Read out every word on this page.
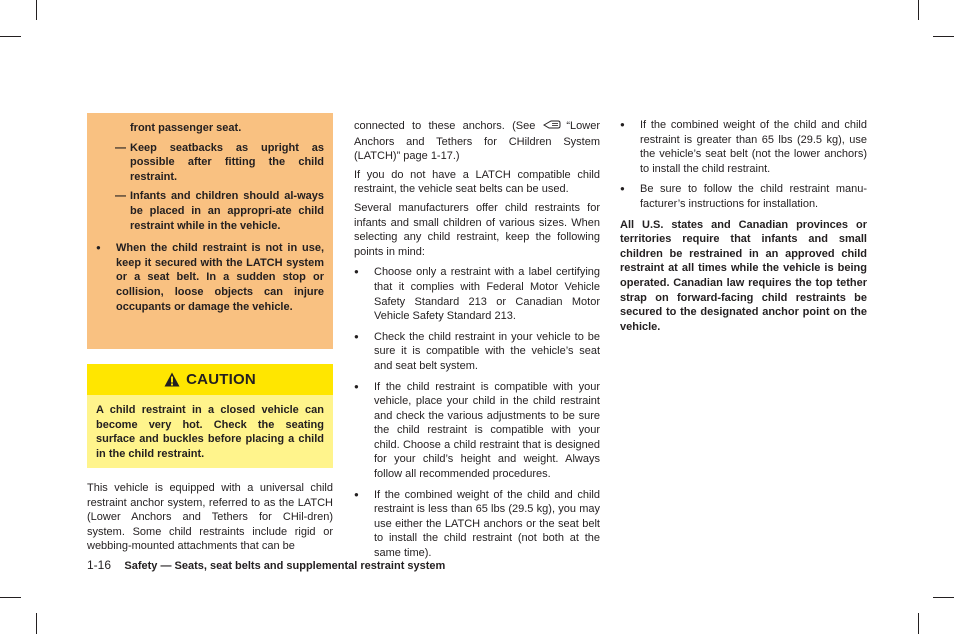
front passenger seat.
— Keep seatbacks as upright as possible after fitting the child restraint.
— Infants and children should al-ways be placed in an appropri-ate child restraint while in the vehicle.
●	When the child restraint is not in use, keep it secured with the LATCH system or a seat belt. In a sudden stop or collision, loose objects can injure occupants or damage the vehicle.
CAUTION
A child restraint in a closed vehicle can become very hot. Check the seating surface and buckles before placing a child in the child restraint.
This vehicle is equipped with a universal child restraint anchor system, referred to as the LATCH (Lower Anchors and Tethers for CHil-dren) system. Some child restraints include rigid or webbing-mounted attachments that can be

connected to these anchors. (See	“Lower Anchors and Tethers for CHildren System (LATCH)” page 1-17.)

If you do not have a LATCH compatible child restraint, the vehicle seat belts can be used.

Several manufacturers offer child restraints for infants and small children of various sizes. When selecting any child restraint, keep the following points in mind:

●	Choose only a restraint with a label certifying that it complies with Federal Motor Vehicle Safety Standard 213 or Canadian Motor Vehicle Safety Standard 213.
●	Check the child restraint in your vehicle to be sure it is compatible with the vehicle’s seat and seat belt system.
●	If the child restraint is compatible with your vehicle, place your child in the child restraint and check the various adjustments to be sure the child restraint is compatible with your child. Choose a child restraint that is designed for your child’s height and weight. Always follow all recommended procedures.
●	If the combined weight of the child and child restraint is less than 65 lbs (29.5 kg), you may use either the LATCH anchors or the seat belt to install the child restraint (not both at the same time).
●	If the combined weight of the child and child restraint is greater than 65 lbs (29.5 kg), use the vehicle’s seat belt (not the lower anchors) to install the child restraint.
●	Be sure to follow the child restraint manu-facturer’s instructions for installation.

All U.S. states and Canadian provinces or territories require that infants and small children be restrained in an approved child restraint at all times while the vehicle is being operated. Canadian law requires the top tether strap on forward-facing child restraints be secured to the designated anchor point on the vehicle.

1-16 Safety — Seats, seat belts and supplemental restraint system
